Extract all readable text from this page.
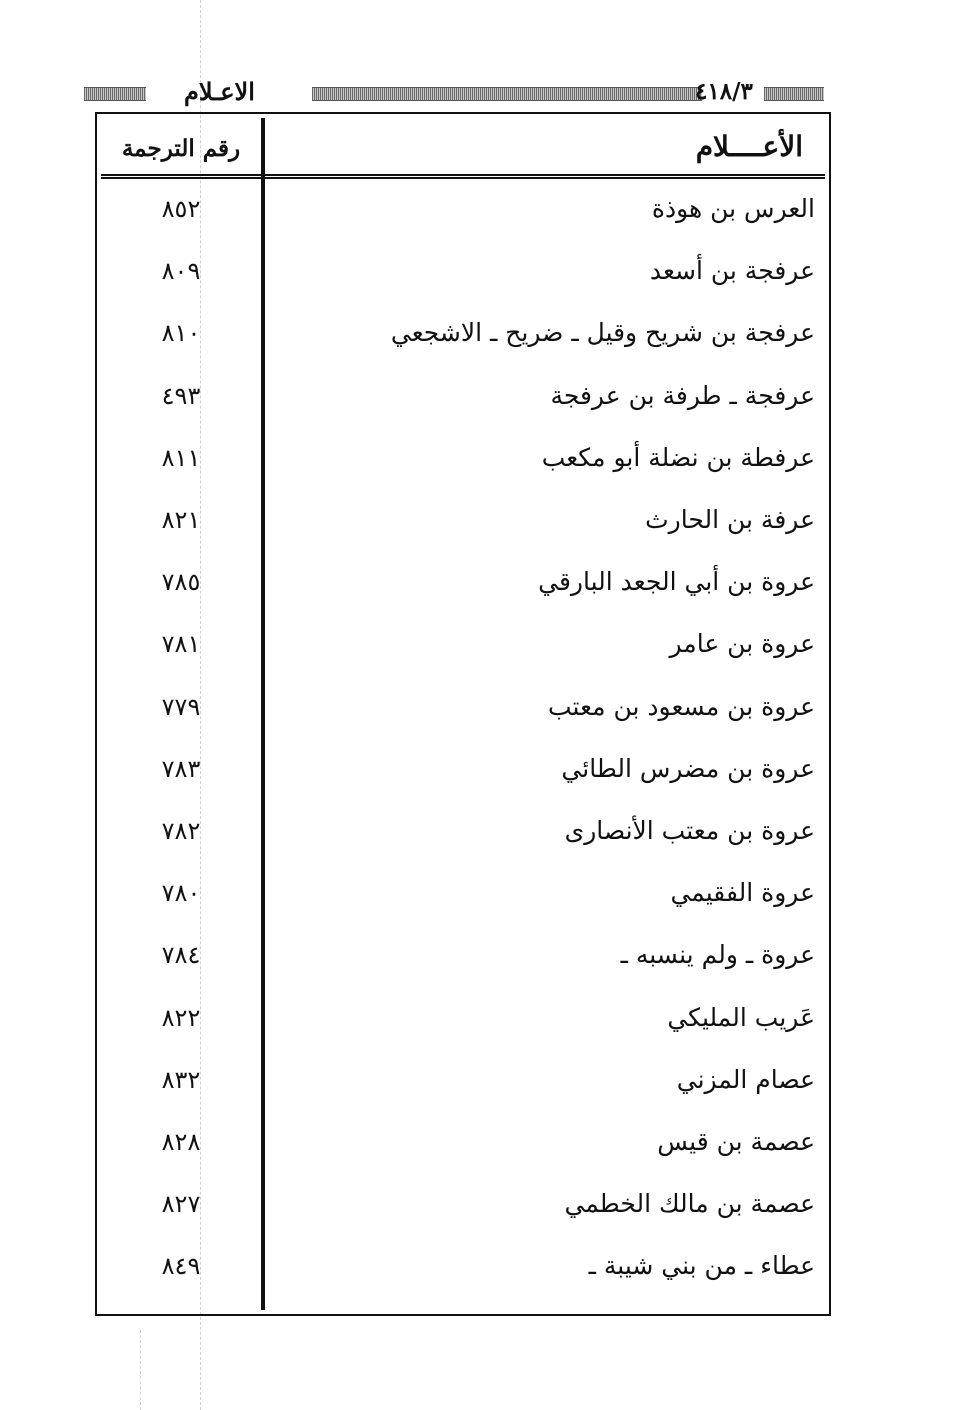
الاعـلام	٤١٨/٣
الأعــــلام
رقم الترجمة
العرس بن هوذة
٨٥٢
عرفجة بن أسعد
٨٠٩
عرفجة بن شريح وقيل ـ ضريح ـ الاشجعي
٨١٠
عرفجة ـ طرفة بن عرفجة
٤٩٣
عرفطة بن نضلة أبو مكعب
٨١١
عرفة بن الحارث
٨٢١
عروة بن أبي الجعد البارقي
٧٨٥
عروة بن عامر
٧٨١
عروة بن مسعود بن معتب
٧٧٩
عروة بن مضرس الطائي
٧٨٣
عروة بن معتب الأنصارى
٧٨٢
عروة الفقيمي
٧٨٠
عروة ـ ولم ينسبه ـ
٧٨٤
عَريب المليكي
٨٢٢
عصام المزني
٨٣٢
عصمة بن قيس
٨٢٨
عصمة بن مالك الخطمي
٨٢٧
عطاء ـ من بني شيبة ـ
٨٤٩
